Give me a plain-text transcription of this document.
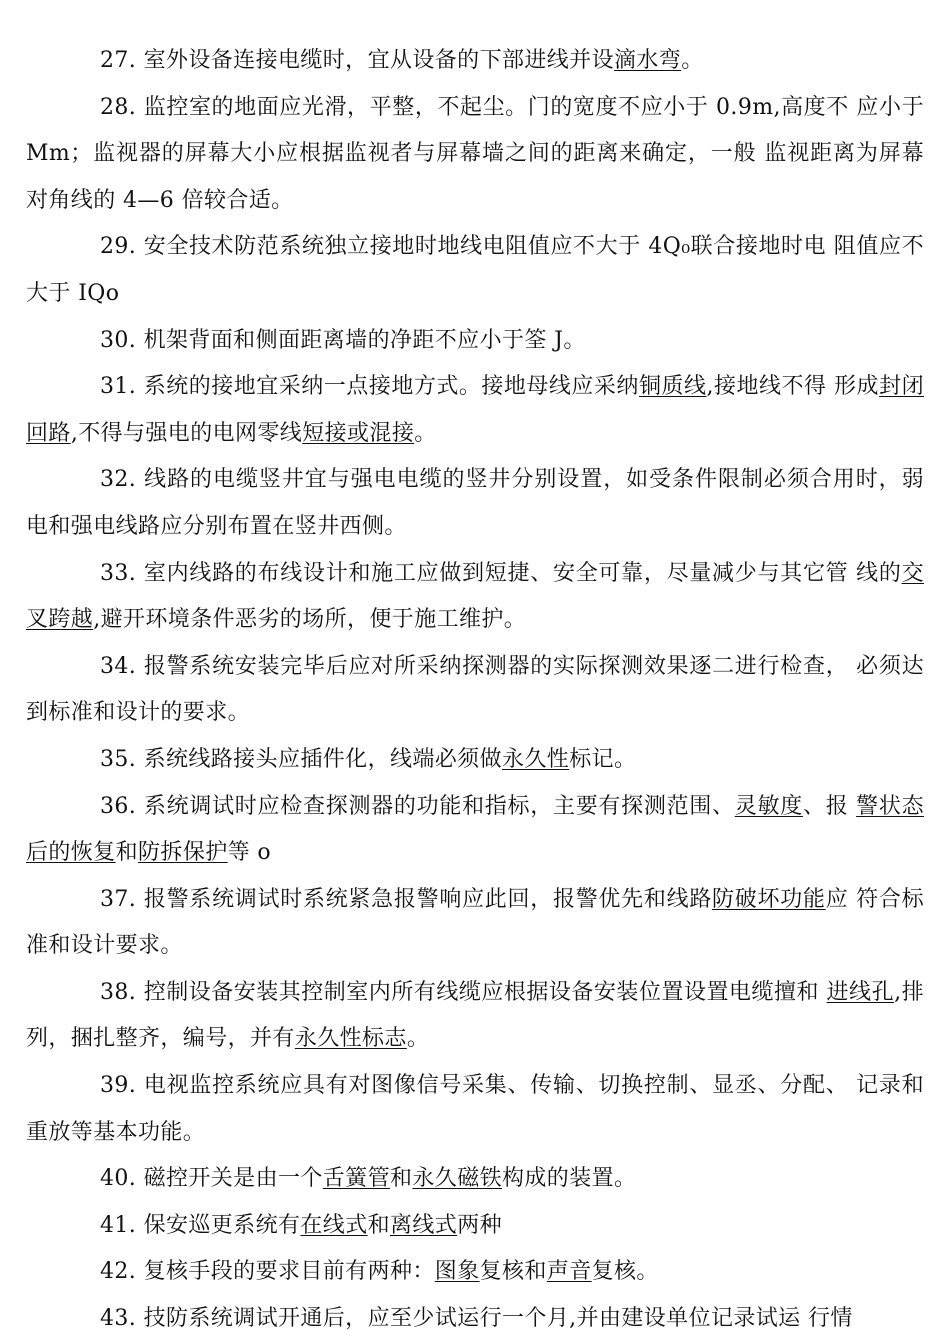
27. 室外设备连接电缆时，宜从设备的下部进线并设滴水弯。

28. 监控室的地面应光滑，平整，不起尘。门的宽度不应小于 0.9m,高度不 应小于Mm；监视器的屏幕大小应根据监视者与屏幕墙之间的距离来确定，一般 监视距离为屏幕对角线的 4—6 倍较合适。

29. 安全技术防范系统独立接地时地线电阻值应不大于 4Q₀联合接地时电 阻值应不大于 IQo

30. 机架背面和侧面距离墙的净距不应小于筌 J。

31. 系统的接地宜采纳一点接地方式。接地母线应采纳铜质线,接地线不得 形成封闭回路,不得与强电的电网零线短接或混接。

32. 线路的电缆竖井宜与强电电缆的竖井分别设置，如受条件限制必须合用时，弱电和强电线路应分别布置在竖井西侧。

33. 室内线路的布线设计和施工应做到短捷、安全可靠，尽量减少与其它管 线的交叉跨越,避开环境条件恶劣的场所，便于施工维护。

34. 报警系统安装完毕后应对所采纳探测器的实际探测效果逐二进行检查， 必须达到标准和设计的要求。

35. 系统线路接头应插件化，线端必须做永久性标记。

36. 系统调试时应检查探测器的功能和指标，主要有探测范围、灵敏度、报 警状态后的恢复和防拆保护等 o

37. 报警系统调试时系统紧急报警响应此回，报警优先和线路防破坏功能应 符合标准和设计要求。

38. 控制设备安装其控制室内所有线缆应根据设备安装位置设置电缆擅和 进线孔,排列，捆扎整齐，编号，并有永久性标志。

39. 电视监控系统应具有对图像信号采集、传输、切换控制、显丞、分配、 记录和重放等基本功能。

40. 磁控开关是由一个舌簧管和永久磁铁构成的装置。

41. 保安巡更系统有在线式和离线式两种

42. 复核手段的要求目前有两种：图象复核和声音复核。

43. 技防系统调试开通后，应至少试运行一个月,并由建设单位记录试运 行情
